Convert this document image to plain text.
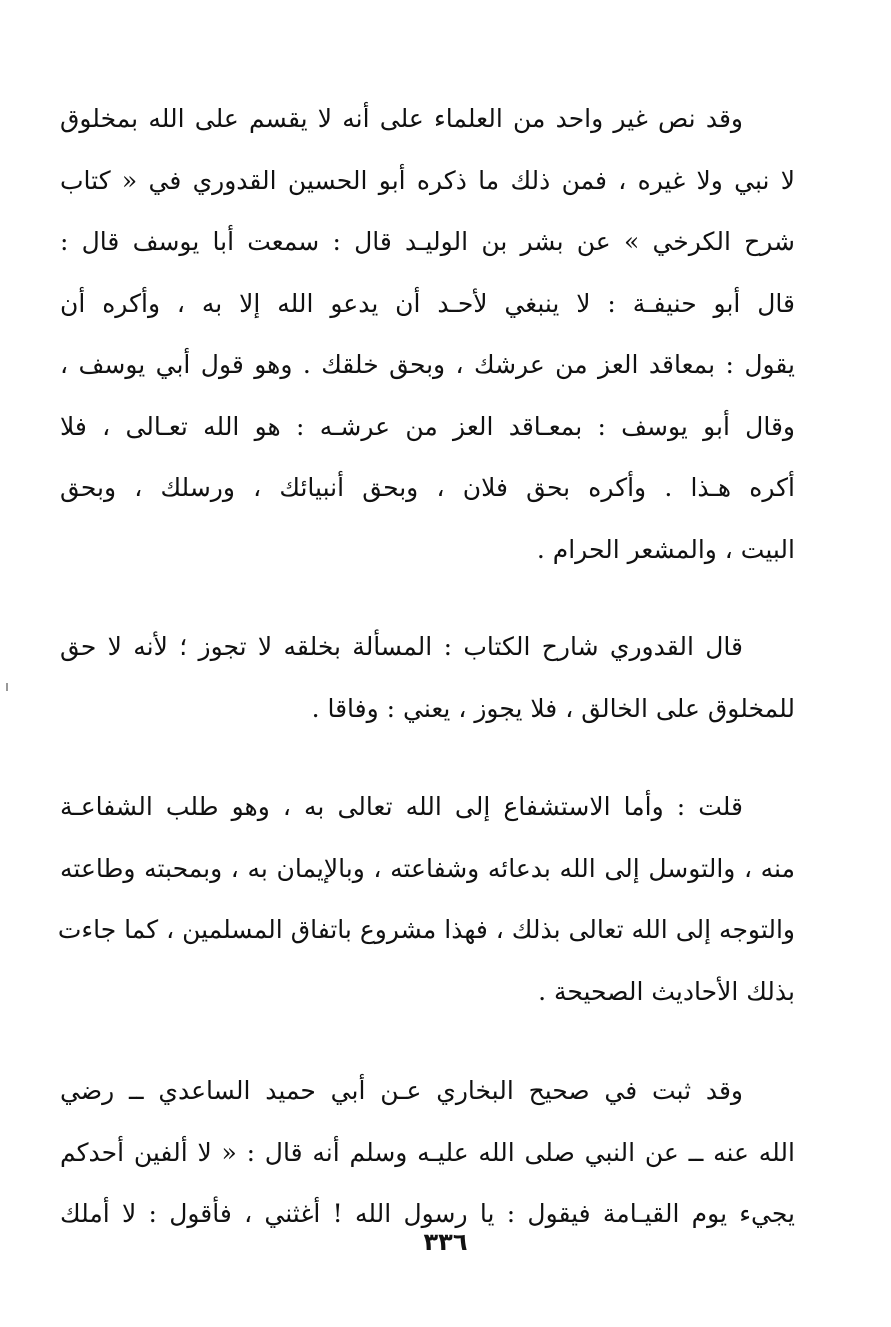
وقد نص غير واحد من العلماء على أنه لا يقسم على الله بمخلوق
لا نبي ولا غيره ، فمن ذلك ما ذكره أبو الحسين القدوري في « كتاب
شرح الكرخي » عن بشر بن الوليـد قال : سمعت أبا يوسف قال :
قال أبو حنيفـة : لا ينبغي لأحـد أن يدعو الله إلا به ، وأكره أن
يقول : بمعاقد العز من عرشك ، وبحق خلقك . وهو قول أبي يوسف ،
وقال أبو يوسف : بمعـاقد العز من عرشـه : هو الله تعـالى ، فلا
أكره هـذا . وأكره بحق فلان ، وبحق أنبيائك ، ورسلك ، وبحق
البيت ، والمشعر الحرام .

قال القدوري شارح الكتاب : المسألة بخلقه لا تجوز ؛ لأنه لا حق
للمخلوق على الخالق ، فلا يجوز ، يعني : وفاقا .

قلت : وأما الاستشفاع إلى الله تعالى به ، وهو طلب الشفاعـة
منه ، والتوسل إلى الله بدعائه وشفاعته ، وبالإيمان به ، وبمحبته وطاعته
والتوجه إلى الله تعالى بذلك ، فهذا مشروع باتفاق المسلمين ، كما جاءت
بذلك الأحاديث الصحيحة .

وقد ثبت في صحيح البخاري عـن أبي حميد الساعدي ــ رضي
الله عنه ــ عن النبي صلى الله عليـه وسلم أنه قال : « لا ألفين أحدكم
يجيء يوم القيـامة فيقول : يا رسول الله ! أغثني ، فأقول : لا أملك

٣٣٦
